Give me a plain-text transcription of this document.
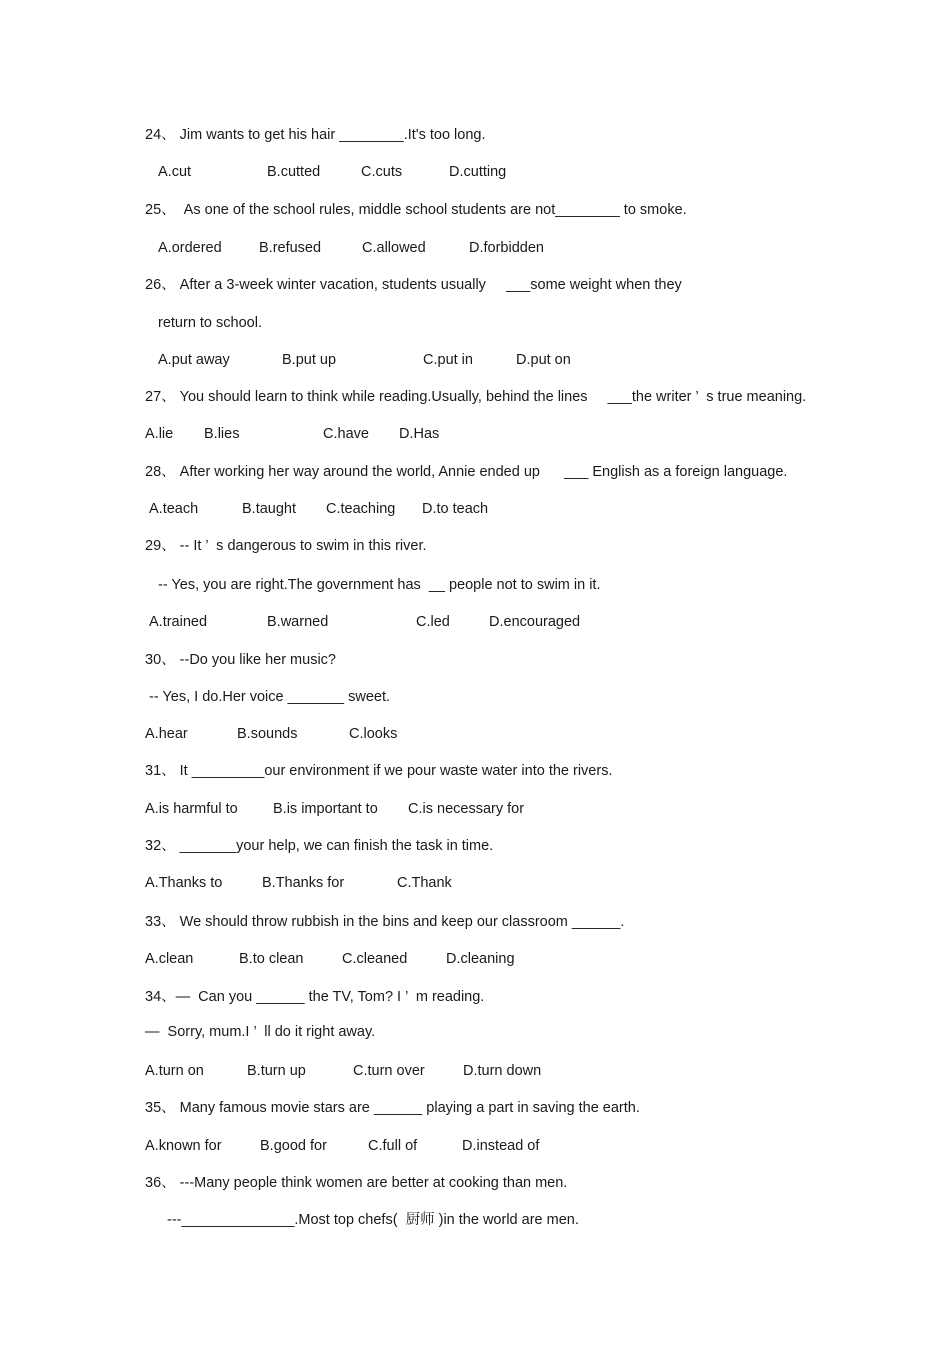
24、 Jim wants to get his hair ________.It's too long.
A.cut	B.cutted	C.cuts	D.cutting
25、  As one of the school rules, middle school students are not________ to smoke.
A.ordered	B.refused	C.allowed	D.forbidden
26、 After a 3-week winter vacation, students usually     ___some weight when they
return to school.
A.put away	B.put up	C.put in	D.put on
27、 You should learn to think while reading.Usually, behind the lines     ___the writer ’  s true meaning.
A.lie B.lies	C.have D.Has
28、 After working her way around the world, Annie ended up      ___ English as a foreign language.
A.teach	B.taught C.teaching D.to teach
29、 -- It ’  s dangerous to swim in this river.
-- Yes, you are right.The government has  __ people not to swim in it.
A.trained	B.warned	C.led	D.encouraged
30、 --Do you like her music?
-- Yes, I do.Her voice _______ sweet.
A.hear	B.sounds	C.looks
31、 It _________our environment if we pour waste water into the rivers.
A.is harmful to B.is important to C.is necessary for
32、 _______your help, we can finish the task in time.
A.Thanks to	B.Thanks for	C.Thank
33、 We should throw rubbish in the bins and keep our classroom ______.
A.clean	B.to clean	C.cleaned	D.cleaning
34、—  Can you ______ the TV, Tom? I ’  m reading.
—  Sorry, mum.I ’  ll do it right away.
A.turn on	B.turn up	C.turn over	D.turn down
35、 Many famous movie stars are ______ playing a part in saving the earth.
A.known for	B.good for	C.full of	D.instead of
36、 ---Many people think women are better at cooking than men.
---______________.Most top chefs(  厨师 )in the world are men.
